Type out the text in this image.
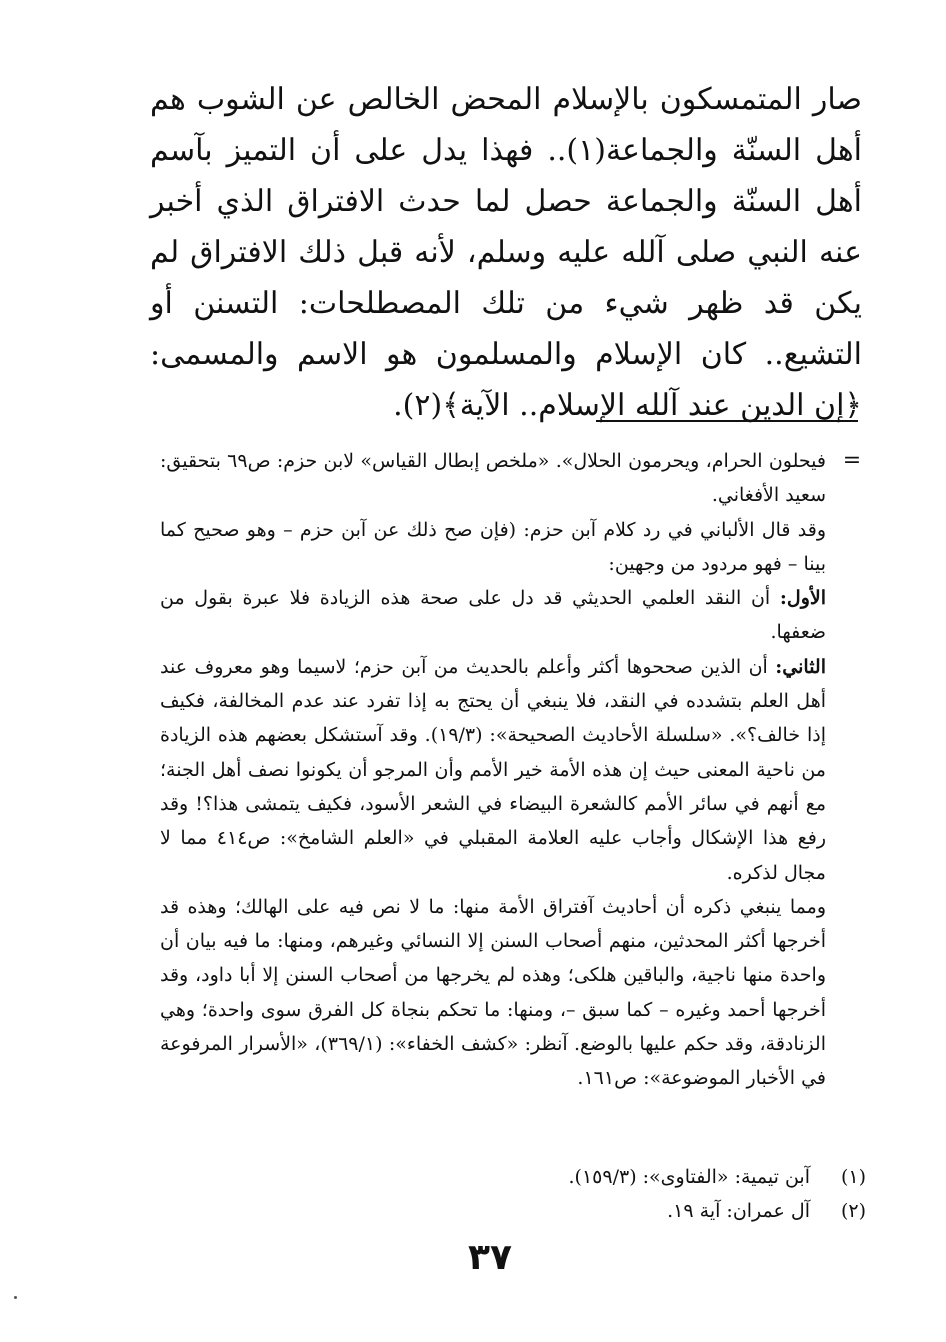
صار المتمسكون بالإسلام المحض الخالص عن الشوب هم أهل السنّة والجماعة(١).. فهذا يدل على أن التميز بآسم أهل السنّة والجماعة حصل لما حدث الافتراق الذي أخبر عنه النبي صلى آلله عليه وسلم، لأنه قبل ذلك الافتراق لم يكن قد ظهر شيء من تلك المصطلحات: التسنن أو التشيع.. كان الإسلام والمسلمون هو الاسم والمسمى: ﴿إن الدين عند آلله الإسلام.. الآية﴾(٢).

=

فيحلون الحرام، ويحرمون الحلال». «ملخص إبطال القياس» لابن حزم: ص٦٩ بتحقيق: سعيد الأفغاني.

وقد قال الألباني في رد كلام آبن حزم: (فإن صح ذلك عن آبن حزم – وهو صحيح كما بينا – فهو مردود من وجهين:

الأول: أن النقد العلمي الحديثي قد دل على صحة هذه الزيادة فلا عبرة بقول من ضعفها.

الثاني: أن الذين صححوها أكثر وأعلم بالحديث من آبن حزم؛ لاسيما وهو معروف عند أهل العلم بتشدده في النقد، فلا ينبغي أن يحتج به إذا تفرد عند عدم المخالفة، فكيف إذا خالف؟». «سلسلة الأحاديث الصحيحة»: (١٩/٣). وقد آستشكل بعضهم هذه الزيادة من ناحية المعنى حيث إن هذه الأمة خير الأمم وأن المرجو أن يكونوا نصف أهل الجنة؛ مع أنهم في سائر الأمم كالشعرة البيضاء في الشعر الأسود، فكيف يتمشى هذا؟! وقد رفع هذا الإشكال وأجاب عليه العلامة المقبلي في «العلم الشامخ»: ص٤١٤ مما لا مجال لذكره.

ومما ينبغي ذكره أن أحاديث آفتراق الأمة منها: ما لا نص فيه على الهالك؛ وهذه قد أخرجها أكثر المحدثين، منهم أصحاب السنن إلا النسائي وغيرهم، ومنها: ما فيه بيان أن واحدة منها ناجية، والباقين هلكى؛ وهذه لم يخرجها من أصحاب السنن إلا أبا داود، وقد أخرجها أحمد وغيره – كما سبق –، ومنها: ما تحكم بنجاة كل الفرق سوى واحدة؛ وهي الزنادقة، وقد حكم عليها بالوضع. آنظر: «كشف الخفاء»: (٣٦٩/١)، «الأسرار المرفوعة في الأخبار الموضوعة»: ص١٦١.

(١)
آبن تيمية: «الفتاوى»: (١٥٩/٣).
(٢)
آل عمران: آية ١٩.
٣٧
